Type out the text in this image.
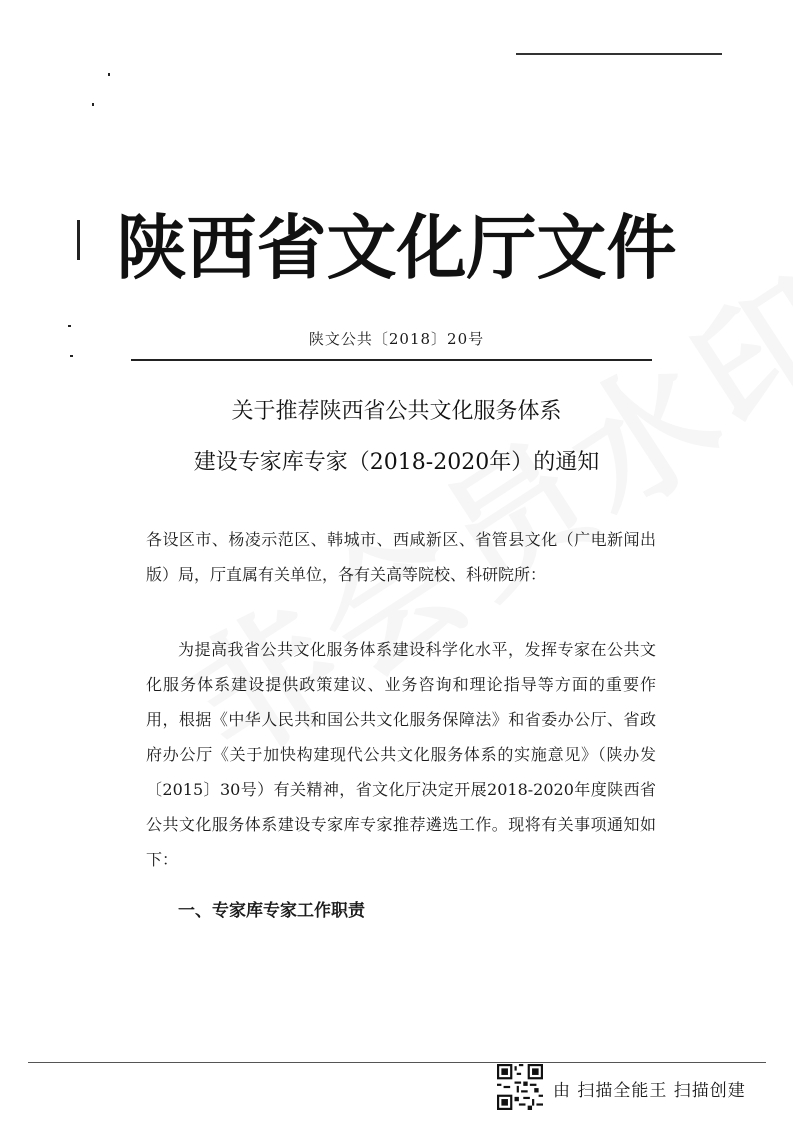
陕西省文化厅文件
陕文公共〔2018〕20号
关于推荐陕西省公共文化服务体系
建设专家库专家（2018-2020年）的通知

各设区市、杨凌示范区、韩城市、西咸新区、省管县文化（广电新闻出版）局，厅直属有关单位，各有关高等院校、科研院所：

为提高我省公共文化服务体系建设科学化水平，发挥专家在公共文化服务体系建设提供政策建议、业务咨询和理论指导等方面的重要作用，根据《中华人民共和国公共文化服务保障法》和省委办公厅、省政府办公厅《关于加快构建现代公共文化服务体系的实施意见》（陕办发〔2015〕30号）有关精神，省文化厅决定开展2018-2020年度陕西省公共文化服务体系建设专家库专家推荐遴选工作。现将有关事项通知如下：

一、专家库专家工作职责
由 扫描全能王 扫描创建
